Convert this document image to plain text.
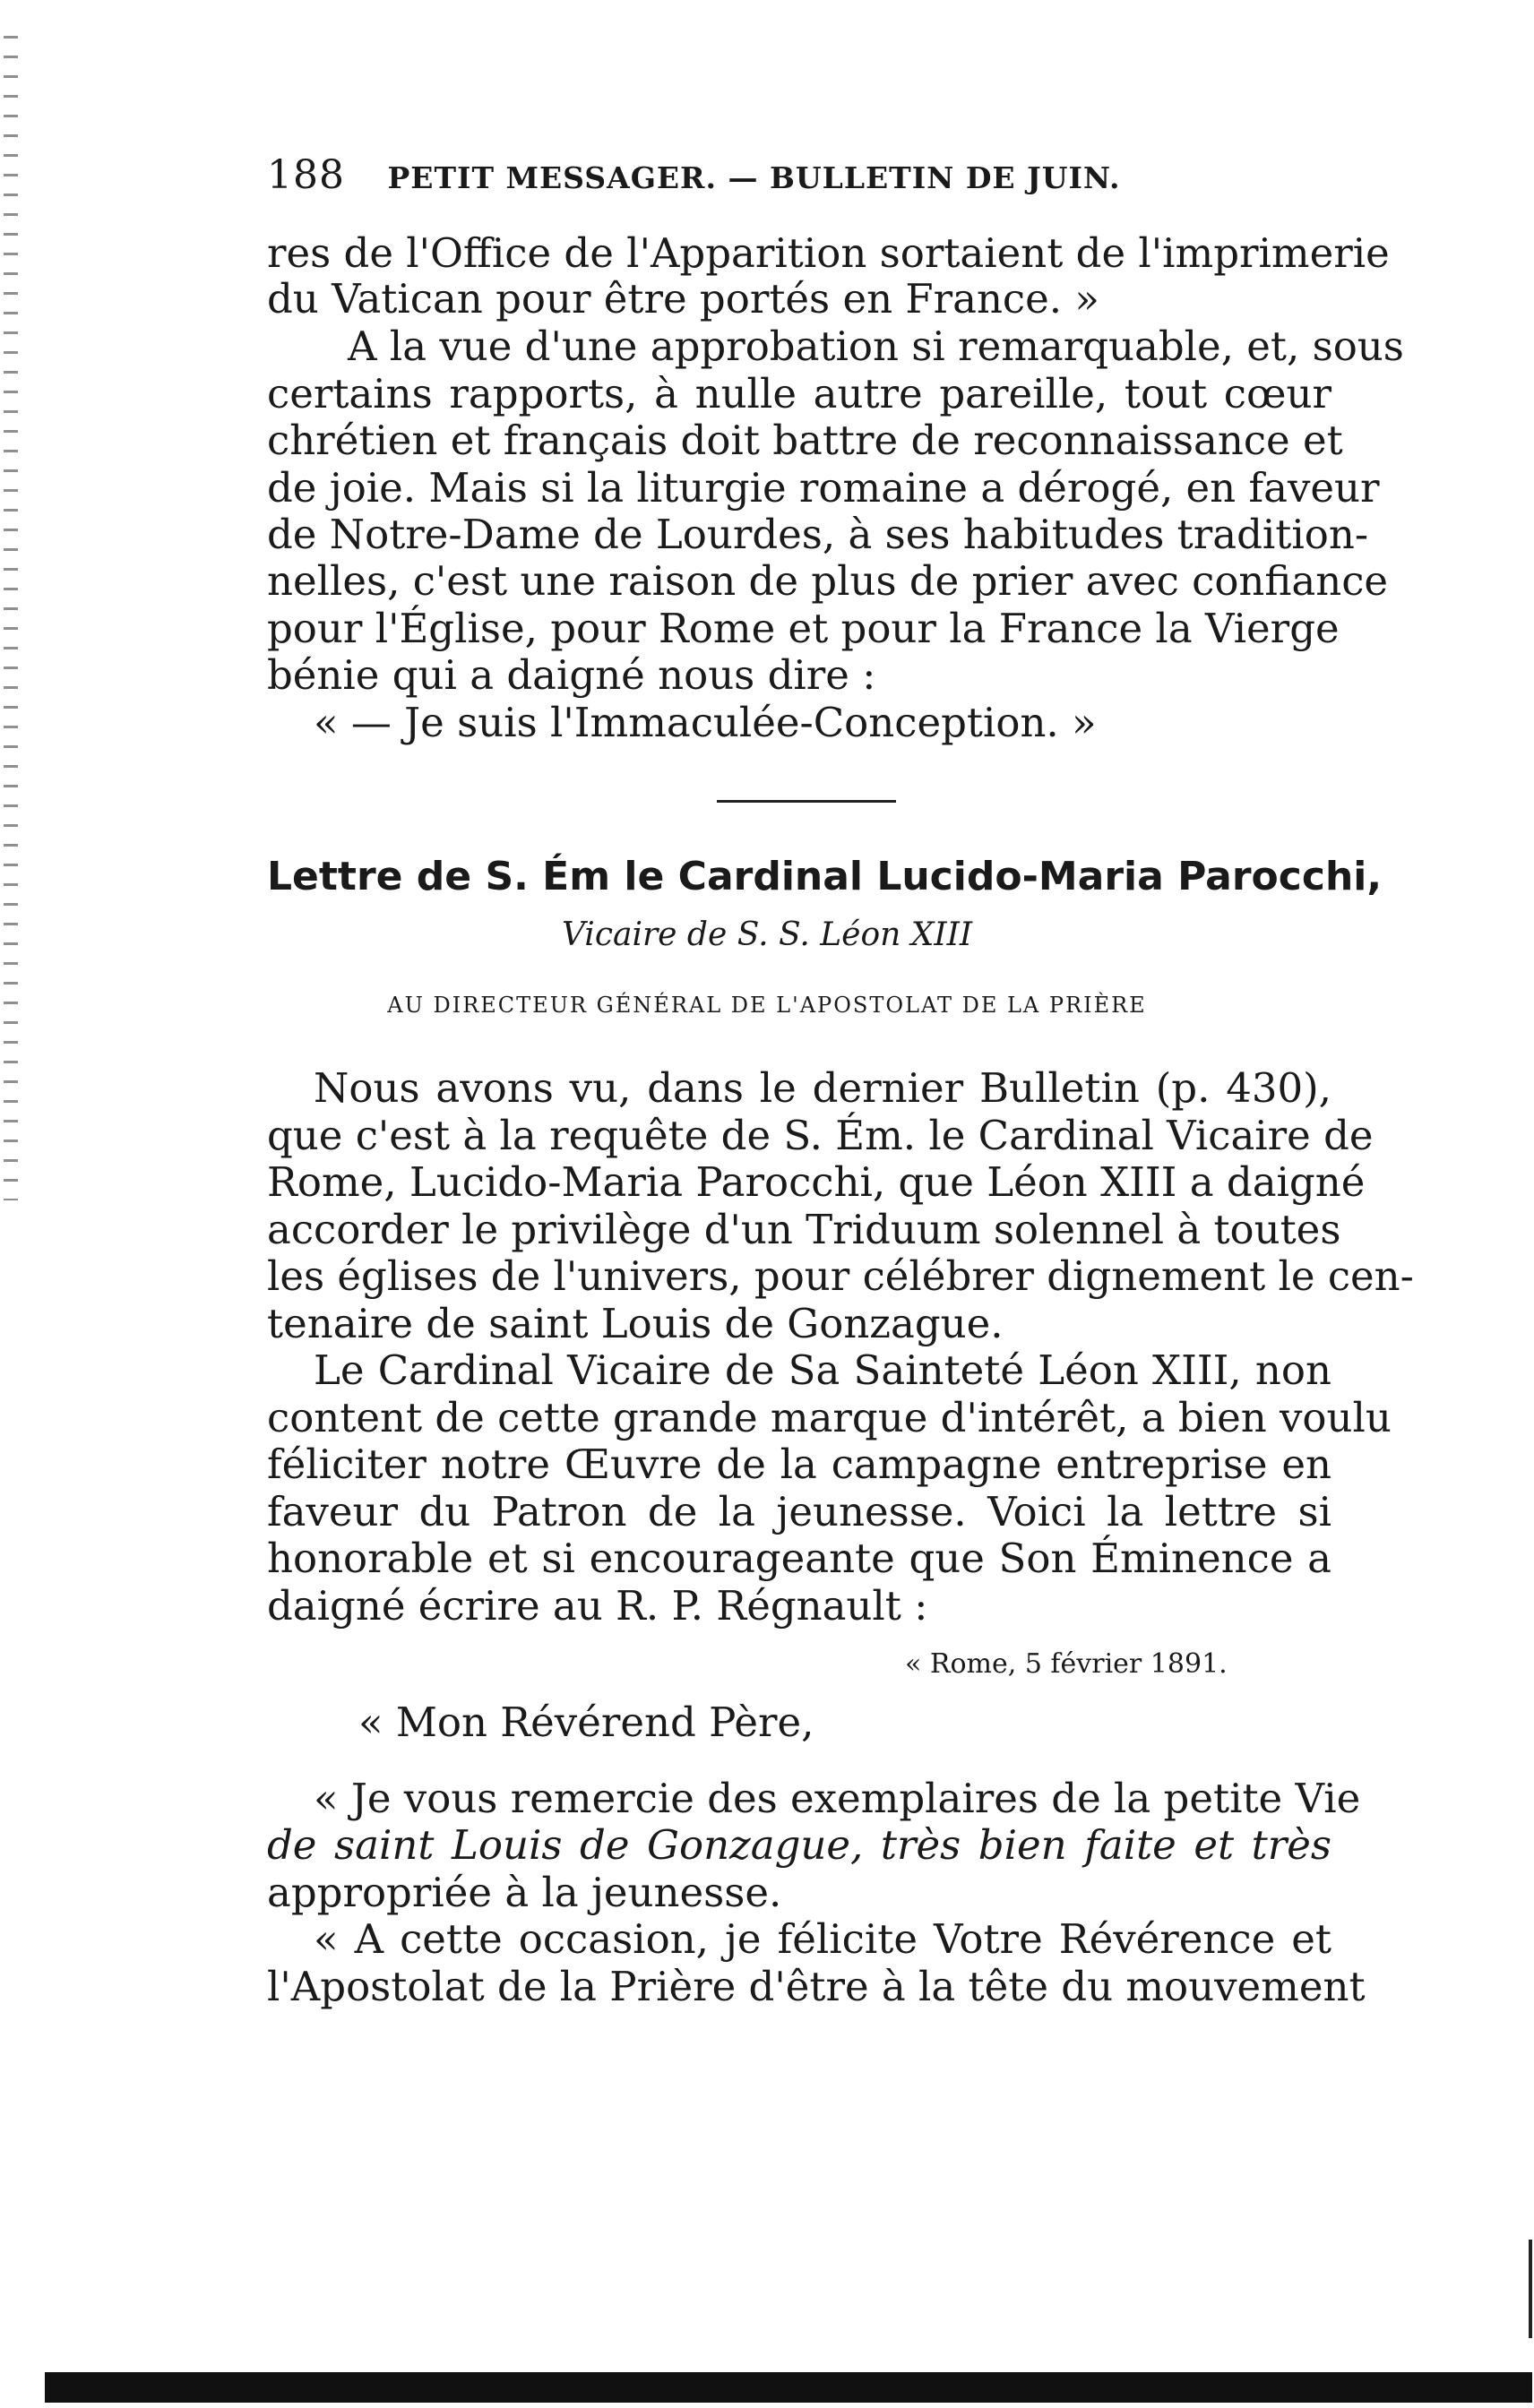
188 PETIT MESSAGER. — BULLETIN DE JUIN.
res de l'Office de l'Apparition sortaient de l'imprimerie
du Vatican pour être portés en France. »
A la vue d'une approbation si remarquable, et, sous
certains rapports, à nulle autre pareille, tout cœur
chrétien et français doit battre de reconnaissance et
de joie. Mais si la liturgie romaine a dérogé, en faveur
de Notre-Dame de Lourdes, à ses habitudes tradition-
nelles, c'est une raison de plus de prier avec confiance
pour l'Église, pour Rome et pour la France la Vierge
bénie qui a daigné nous dire :
« — Je suis l'Immaculée-Conception. »
Lettre de S. Ém le Cardinal Lucido-Maria Parocchi,
Vicaire de S. S. Léon XIII
AU DIRECTEUR GÉNÉRAL DE L'APOSTOLAT DE LA PRIÈRE
Nous avons vu, dans le dernier Bulletin (p. 430),
que c'est à la requête de S. Ém. le Cardinal Vicaire de
Rome, Lucido-Maria Parocchi, que Léon XIII a daigné
accorder le privilège d'un Triduum solennel à toutes
les églises de l'univers, pour célébrer dignement le cen-
tenaire de saint Louis de Gonzague.
Le Cardinal Vicaire de Sa Sainteté Léon XIII, non
content de cette grande marque d'intérêt, a bien voulu
féliciter notre Œuvre de la campagne entreprise en
faveur du Patron de la jeunesse. Voici la lettre si
honorable et si encourageante que Son Éminence a
daigné écrire au R. P. Régnault :
« Rome, 5 février 1891.
« Mon Révérend Père,
« Je vous remercie des exemplaires de la petite Vie
de saint Louis de Gonzague, très bien faite et très
appropriée à la jeunesse.
« A cette occasion, je félicite Votre Révérence et
l'Apostolat de la Prière d'être à la tête du mouvement
